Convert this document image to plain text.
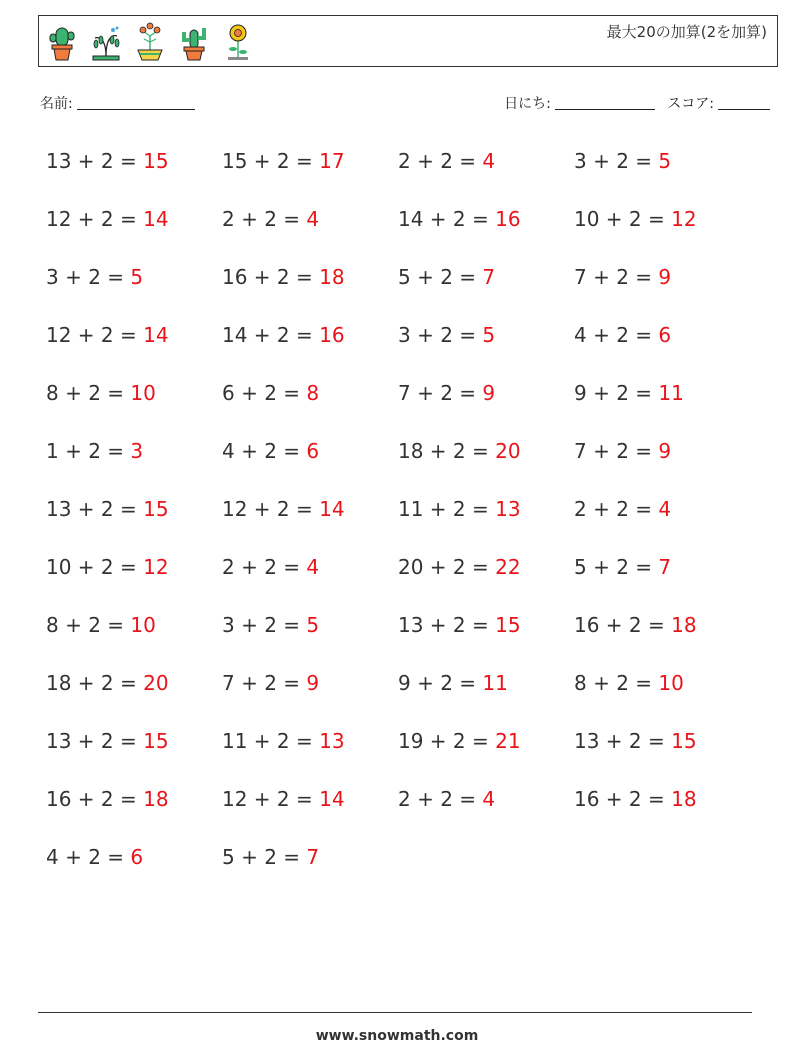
最大20の加算(2を加算)
名前:	日にち:	スコア:
13 + 2 = 15	15 + 2 = 17	2 + 2 = 4	3 + 2 = 5
12 + 2 = 14	2 + 2 = 4	14 + 2 = 16	10 + 2 = 12
3 + 2 = 5	16 + 2 = 18	5 + 2 = 7	7 + 2 = 9
12 + 2 = 14	14 + 2 = 16	3 + 2 = 5	4 + 2 = 6
8 + 2 = 10	6 + 2 = 8	7 + 2 = 9	9 + 2 = 11
1 + 2 = 3	4 + 2 = 6	18 + 2 = 20	7 + 2 = 9
13 + 2 = 15	12 + 2 = 14	11 + 2 = 13	2 + 2 = 4
10 + 2 = 12	2 + 2 = 4	20 + 2 = 22	5 + 2 = 7
8 + 2 = 10	3 + 2 = 5	13 + 2 = 15	16 + 2 = 18
18 + 2 = 20	7 + 2 = 9	9 + 2 = 11	8 + 2 = 10
13 + 2 = 15	11 + 2 = 13	19 + 2 = 21	13 + 2 = 15
16 + 2 = 18	12 + 2 = 14	2 + 2 = 4	16 + 2 = 18
4 + 2 = 6	5 + 2 = 7
www.snowmath.com
